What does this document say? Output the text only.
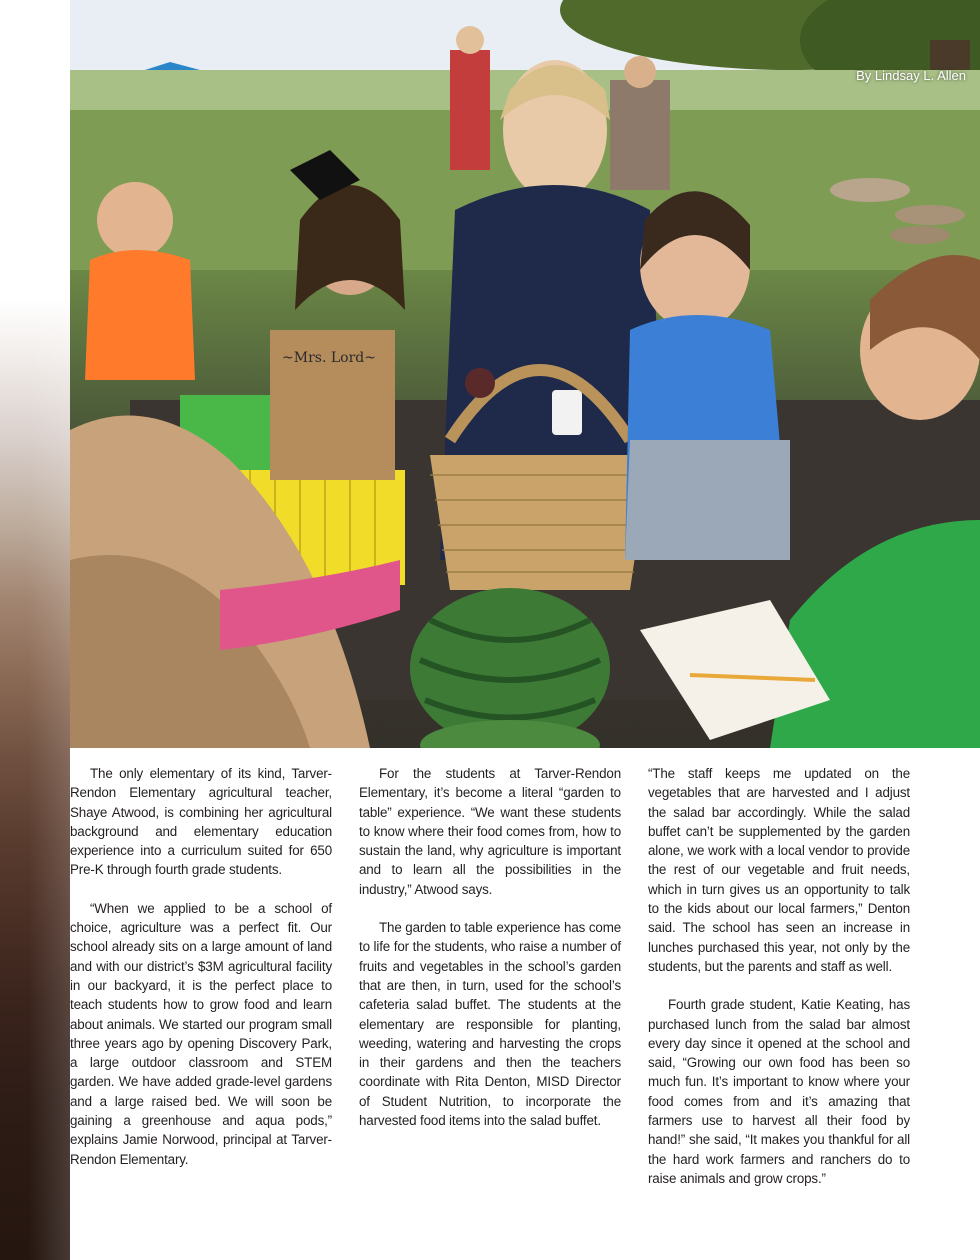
~Mrs. Lord~
By Lindsay L. Allen

The only elementary of its kind, Tarver-Rendon Elementary agricultural teacher, Shaye Atwood, is combining her agricultural background and elementary education experience into a curriculum suited for 650 Pre-K through fourth grade students.

“When we applied to be a school of choice, agriculture was a perfect fit. Our school already sits on a large amount of land and with our district’s $3M agricultural facility in our backyard, it is the perfect place to teach students how to grow food and learn about animals. We started our program small three years ago by opening Discovery Park, a large outdoor classroom and STEM garden. We have added grade-level gardens and a large raised bed. We will soon be gaining a greenhouse and aqua pods,” explains Jamie Norwood, principal at Tarver-Rendon Elementary.

For the students at Tarver-Rendon Elementary, it’s become a literal “garden to table” experience. “We want these students to know where their food comes from, how to sustain the land, why agriculture is important and to learn all the possibilities in the industry,” Atwood says.

The garden to table experience has come to life for the students, who raise a number of fruits and vegetables in the school’s garden that are then, in turn, used for the school’s cafeteria salad buffet. The students at the elementary are responsible for planting, weeding, watering and harvesting the crops in their gardens and then the teachers coordinate with Rita Denton, MISD Director of Student Nutrition, to incorporate the harvested food items into the salad buffet.

“The staff keeps me updated on the vegetables that are harvested and I adjust the salad bar accordingly. While the salad buffet can’t be supplemented by the garden alone, we work with a local vendor to provide the rest of our vegetable and fruit needs, which in turn gives us an opportunity to talk to the kids about our local farmers,” Denton said. The school has seen an increase in lunches purchased this year, not only by the students, but the parents and staff as well.

Fourth grade student, Katie Keating, has purchased lunch from the salad bar almost every day since it opened at the school and said, “Growing our own food has been so much fun. It’s important to know where your food comes from and it’s amazing that farmers use to harvest all their food by hand!” she said, “It makes you thankful for all the hard work farmers and ranchers do to raise animals and grow crops.”
